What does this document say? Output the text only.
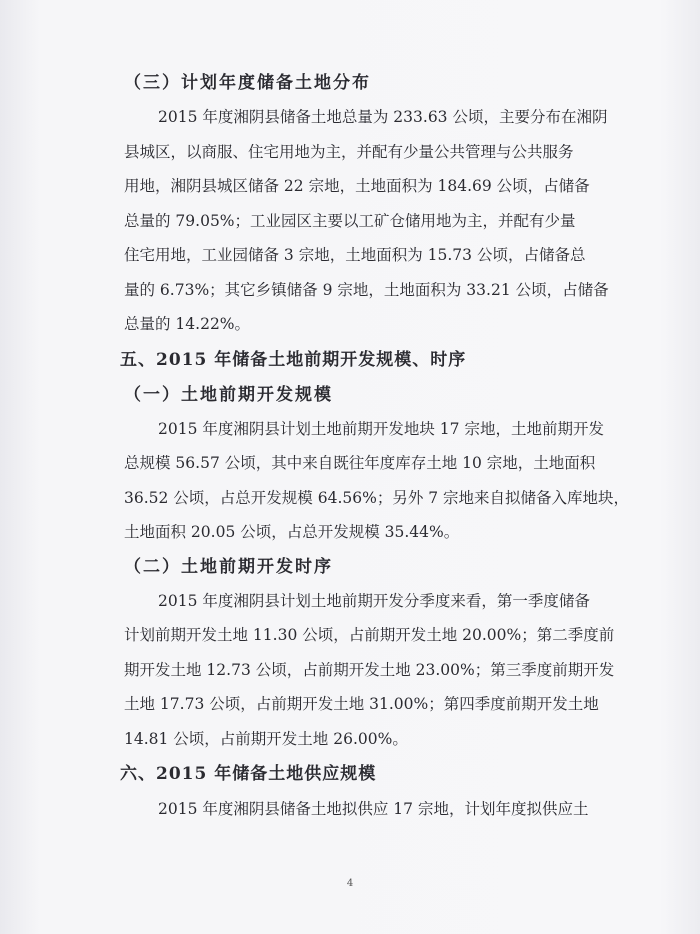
（三）计划年度储备土地分布

2015 年度湘阴县储备土地总量为 233.63 公顷，主要分布在湘阴
县城区，以商服、住宅用地为主，并配有少量公共管理与公共服务
用地，湘阴县城区储备 22 宗地，土地面积为 184.69 公顷，占储备
总量的 79.05%；工业园区主要以工矿仓储用地为主，并配有少量
住宅用地，工业园储备 3 宗地，土地面积为 15.73 公顷，占储备总
量的 6.73%；其它乡镇储备 9 宗地，土地面积为 33.21 公顷，占储备
总量的 14.22%。

五、2015 年储备土地前期开发规模、时序
（一）土地前期开发规模

2015 年度湘阴县计划土地前期开发地块 17 宗地，土地前期开发
总规模 56.57 公顷，其中来自既往年度库存土地 10 宗地，土地面积
36.52 公顷，占总开发规模 64.56%；另外 7 宗地来自拟储备入库地块，
土地面积 20.05 公顷，占总开发规模 35.44%。

（二）土地前期开发时序

2015 年度湘阴县计划土地前期开发分季度来看，第一季度储备
计划前期开发土地 11.30 公顷，占前期开发土地 20.00%；第二季度前
期开发土地 12.73 公顷，占前期开发土地 23.00%；第三季度前期开发
土地 17.73 公顷，占前期开发土地 31.00%；第四季度前期开发土地
14.81 公顷，占前期开发土地 26.00%。

六、2015 年储备土地供应规模

2015 年度湘阴县储备土地拟供应 17 宗地，计划年度拟供应土

4
